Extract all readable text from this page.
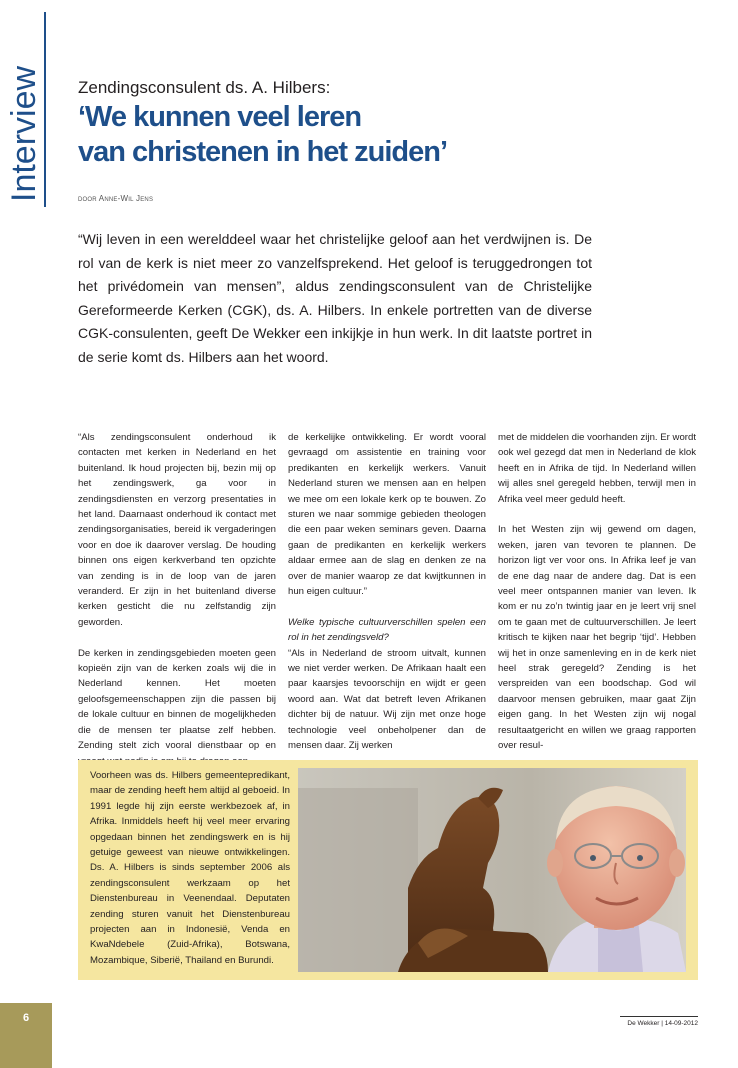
Interview Zendingsconsulent ds. A. Hilbers:
‘We kunnen veel leren
van christenen in het zuiden’
door Anne-Wil Jens

“Wij leven in een werelddeel waar het christelijke geloof aan het verdwijnen is. De rol van de kerk is niet meer zo vanzelfsprekend. Het geloof is teruggedrongen tot het privédomein van mensen”, aldus zendingsconsulent van de Christelijke Gereformeerde Kerken (CGK), ds. A. Hilbers. In enkele portretten van de diverse CGK-consulenten, geeft De Wekker een inkijkje in hun werk. In dit laatste portret in de serie komt ds. Hilbers aan het woord.

“Als zendingsconsulent onderhoud ik contacten met kerken in Nederland en het buitenland. Ik houd projecten bij, bezin mij op het zendingswerk, ga voor in zendingsdiensten en verzorg presentaties in het land. Daarnaast onderhoud ik contact met zendingsorganisaties, bereid ik vergaderingen voor en doe ik daarover verslag. De houding binnen ons eigen kerkverband ten opzichte van zending is in de loop van de jaren veranderd. Er zijn in het buitenland diverse kerken gesticht die nu zelfstandig zijn geworden.

De kerken in zendingsgebieden moeten geen kopieën zijn van de kerken zoals wij die in Nederland kennen. Het moeten geloofsgemeenschappen zijn die passen bij de lokale cultuur en binnen de mogelijkheden die de mensen ter plaatse zelf hebben. Zending stelt zich vooral dienstbaar op en

de kerkelijke ontwikkeling. Er wordt vooral gevraagd om assistentie en training voor predikanten en kerkelijk werkers. Vanuit Nederland sturen we mensen aan en helpen we mee om een lokale kerk op te bouwen. Zo sturen we naar sommige gebieden theologen die een paar weken seminars geven. Daarna gaan de predikanten en kerkelijk werkers aldaar ermee aan de slag en denken ze na over de manier waarop ze dat kwijtkunnen in hun eigen cultuur.”

Welke typische cultuurverschillen spelen een rol in het zendingsveld?

“Als in Nederland de stroom uitvalt, kunnen we niet verder werken. De Afrikaan haalt een paar kaarsjes tevoorschijn en wijdt er geen woord aan. Wat dat betreft leven Afrikanen dichter bij de natuur. Wij zijn met onze hoge technologie veel onbeholpener dan de mensen daar. Zij werken

met de middelen die voorhanden zijn. Er wordt ook wel gezegd dat men in Nederland de klok heeft en in Afrika de tijd. In Nederland willen wij alles snel geregeld hebben, terwijl men in Afrika veel meer geduld heeft.

In het Westen zijn wij gewend om dagen, weken, jaren van tevoren te plannen. De horizon ligt ver voor ons. In Afrika leef je van de ene dag naar de andere dag. Dat is een veel meer ontspannen manier van leven. Ik kom er nu zo’n twintig jaar en je leert vrij snel om te gaan met de cultuurverschillen. Je leert kritisch te kijken naar het begrip ‘tijd’. Hebben wij het in onze samenleving en in de kerk niet heel strak geregeld? Zending is het verspreiden van een boodschap. God wil daarvoor mensen gebruiken, maar gaat Zijn eigen gang. In het Westen zijn wij nogal resultaatgericht en willen we graag rapporten over resul-

Voorheen was ds. Hilbers gemeentepredikant, maar de zending heeft hem altijd al geboeid. In 1991 legde hij zijn eerste werkbezoek af, in Afrika. Inmiddels heeft hij veel meer ervaring opgedaan binnen het zendingswerk en is hij getuige geweest van nieuwe ontwikkelingen. Ds. A. Hilbers is sinds september 2006 als zendingsconsulent werkzaam op het Dienstenbureau in Veenendaal. Deputaten zending sturen vanuit het Dienstenbureau projecten aan in Indonesië, Venda en KwaNdebele (Zuid-Afrika), Botswana, Mozambique, Siberië, Thailand en Burundi.

6	De Wekker | 14-09-2012
